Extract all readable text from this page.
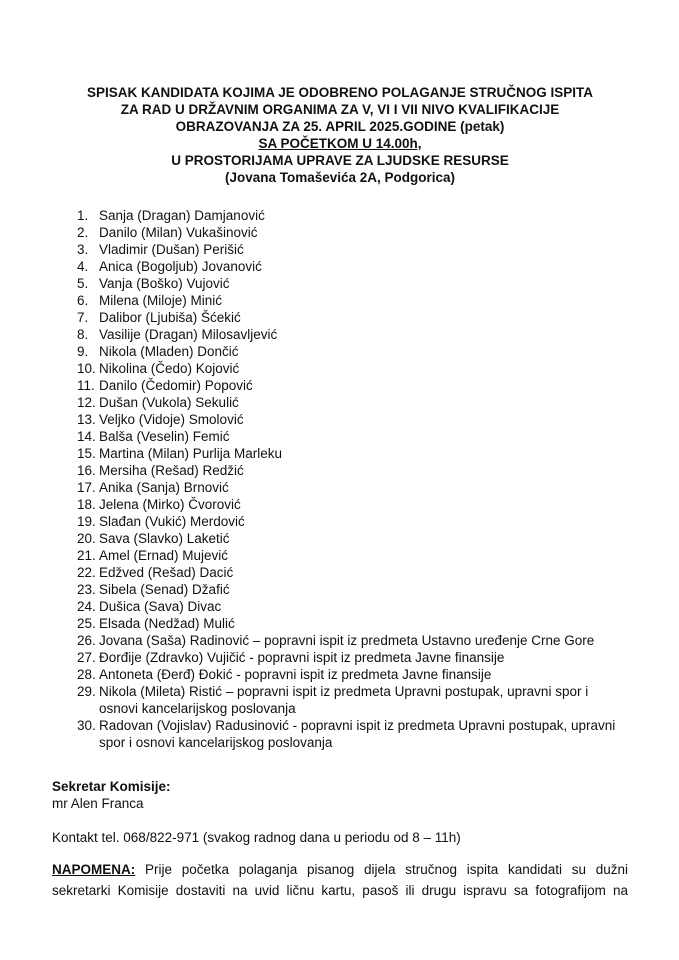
SPISAK KANDIDATA KOJIMA JE ODOBRENO POLAGANJE STRUČNOG ISPITA
ZA RAD U DRŽAVNIM ORGANIMA ZA V, VI I VII NIVO KVALIFIKACIJE
OBRAZOVANJA ZA 25. APRIL 2025.GODINE (petak)
SA POČETKOM U 14.00h,
U PROSTORIJAMA UPRAVE ZA LJUDSKE RESURSE
(Jovana Tomaševića 2A, Podgorica)
1. Sanja (Dragan) Damjanović
2. Danilo (Milan) Vukašinović
3. Vladimir (Dušan) Perišić
4. Anica (Bogoljub) Jovanović
5. Vanja (Boško) Vujović
6. Milena (Miloje) Minić
7. Dalibor (Ljubiša) Šćekić
8. Vasilije (Dragan) Milosavljević
9. Nikola (Mladen) Dončić
10. Nikolina (Čedo) Kojović
11. Danilo (Čedomir) Popović
12. Dušan (Vukola) Sekulić
13. Veljko (Vidoje) Smolović
14. Balša (Veselin) Femić
15. Martina (Milan) Purlija Marleku
16. Mersiha (Rešad) Redžić
17. Anika (Sanja) Brnović
18. Jelena (Mirko) Čvorović
19. Slađan (Vukić) Merdović
20. Sava (Slavko) Laketić
21. Amel (Ernad) Mujević
22. Edžved (Rešad) Dacić
23. Sibela (Senad) Džafić
24. Dušica (Sava) Divac
25. Elsada (Nedžad) Mulić
26. Jovana (Saša) Radinović – popravni ispit iz predmeta Ustavno uređenje Crne Gore
27. Đorđije (Zdravko) Vujičić - popravni ispit iz predmeta Javne finansije
28. Antoneta (Đerđ) Đokić - popravni ispit iz predmeta Javne finansije
29. Nikola (Mileta) Ristić – popravni ispit iz predmeta Upravni postupak, upravni spor i osnovi kancelarijskog poslovanja
30. Radovan (Vojislav) Radusinović - popravni ispit iz predmeta Upravni postupak, upravni spor i osnovi kancelarijskog poslovanja
Sekretar Komisije:
mr Alen Franca

Kontakt tel. 068/822-971 (svakog radnog dana u periodu od 8 – 11h)

NAPOMENA: Prije početka polaganja pisanog dijela stručnog ispita kandidati su dužni sekretarki Komisije dostaviti na uvid ličnu kartu, pasoš ili drugu ispravu sa fotografijom na
